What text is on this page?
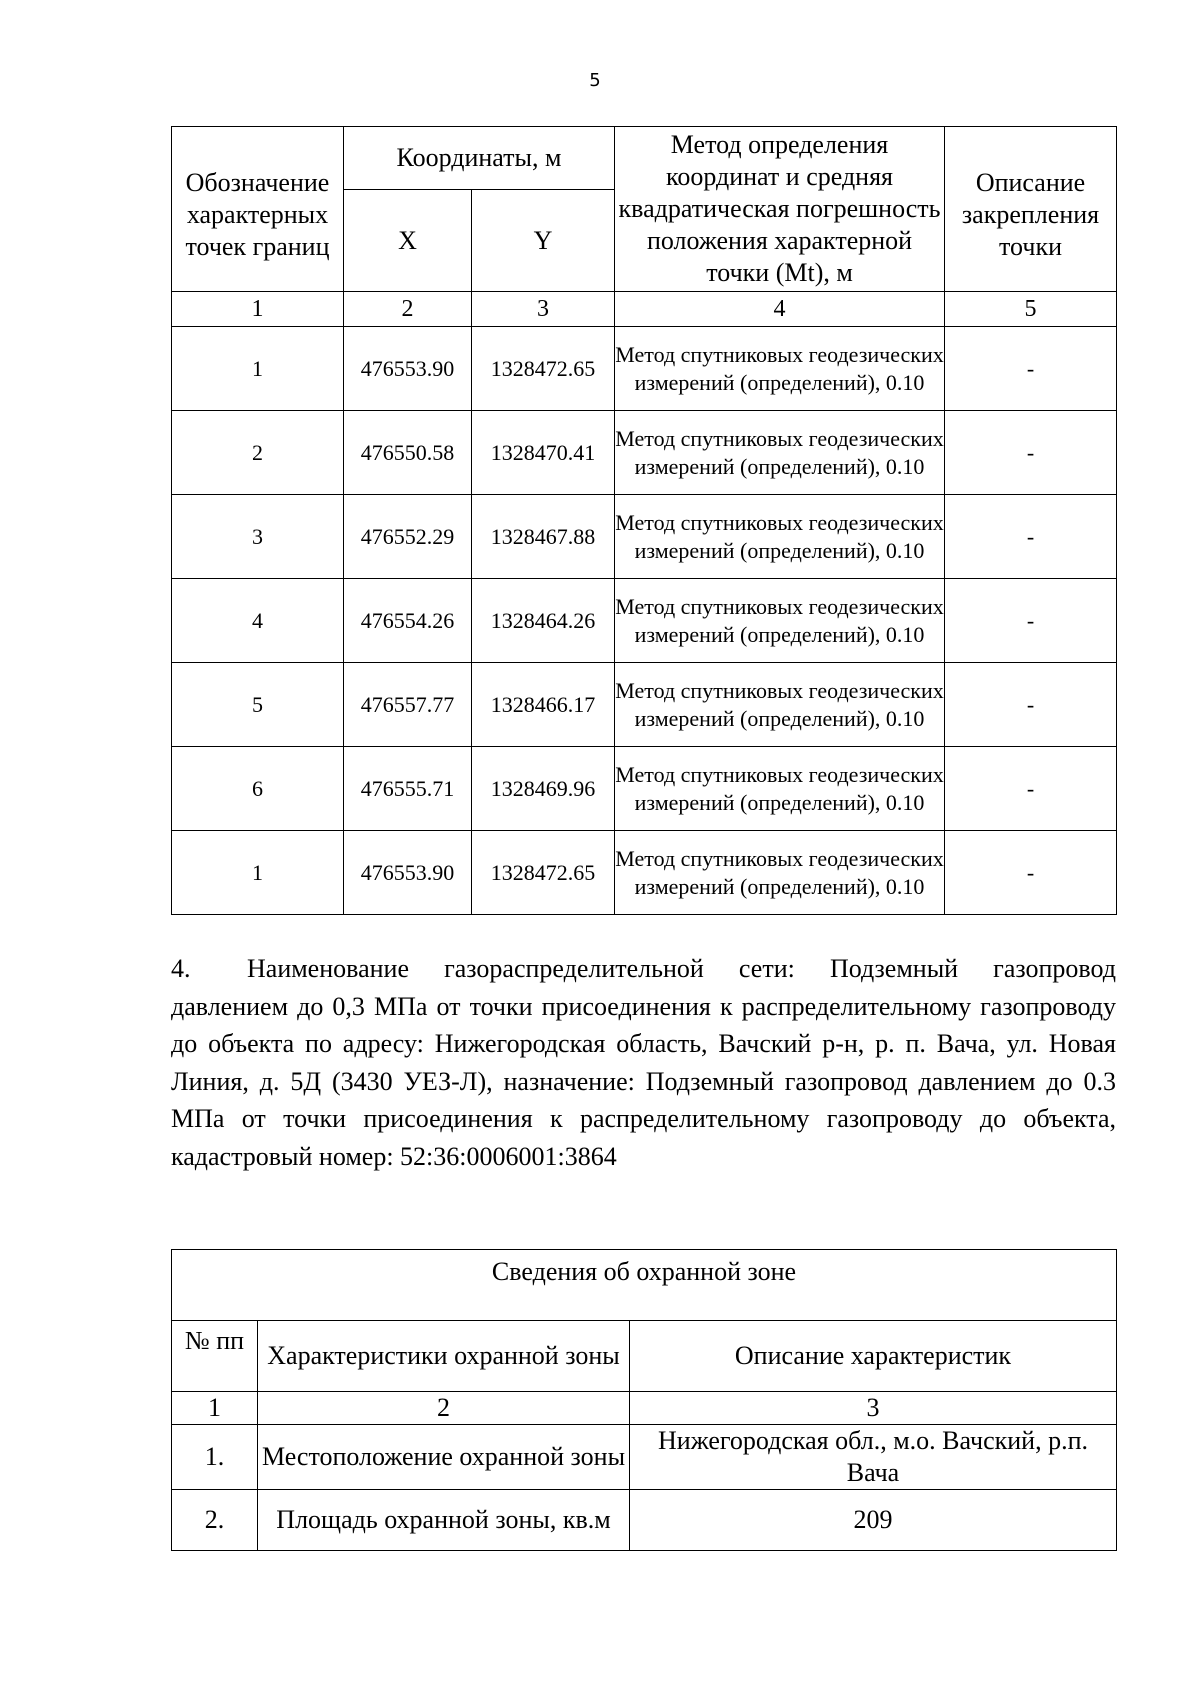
5
Обозначение характерных точек границ	Координаты, м		Метод определения координат и средняя квадратическая погрешность положения характерной точки (Mt), м	Описание закрепления точки
	X	Y		
1	2	3	4	5
1	476553.90	1328472.65	Метод спутниковых геодезических измерений (определений), 0.10	-
2	476550.58	1328470.41	Метод спутниковых геодезических измерений (определений), 0.10	-
3	476552.29	1328467.88	Метод спутниковых геодезических измерений (определений), 0.10	-
4	476554.26	1328464.26	Метод спутниковых геодезических измерений (определений), 0.10	-
5	476557.77	1328466.17	Метод спутниковых геодезических измерений (определений), 0.10	-
6	476555.71	1328469.96	Метод спутниковых геодезических измерений (определений), 0.10	-
1	476553.90	1328472.65	Метод спутниковых геодезических измерений (определений), 0.10	-
4. Наименование газораспределительной сети: Подземный газопровод давлением до 0,3 МПа от точки присоединения к распределительному газопроводу до объекта по адресу: Нижегородская область, Вачский р-н, р. п. Вача, ул. Новая Линия, д. 5Д (3430 УЕЗ-Л), назначение: Подземный газопровод давлением до 0.3 МПа от точки присоединения к распределительному газопроводу до объекта, кадастровый номер: 52:36:0006001:3864
Сведения об охранной зоне		
№ пп	Характеристики охранной зоны	Описание характеристик
1	2	3
1.	Местоположение охранной зоны	Нижегородская обл., м.о. Вачский, р.п. Вача
2.	Площадь охранной зоны, кв.м	209
